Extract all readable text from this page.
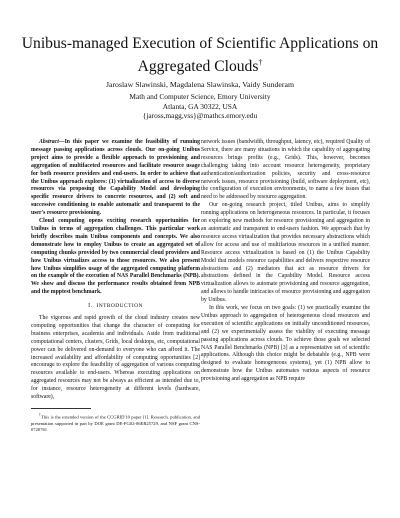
Unibus-managed Execution of Scientific Applications on Aggregated Clouds†
Jaroslaw Slawinski, Magdalena Slawinska, Vaidy Sunderam
Math and Computer Science, Emory University
Atlanta, GA 30322, USA
{jaross,magg,vss}@mathcs.emory.edu

Abstract—In this paper we examine the feasibility of running message passing applications across clouds. Our on-going Unibus project aims to provide a flexible approach to provisioning and aggregation of multifaceted resources and facilitate resource usage for both resource providers and end-users. In order to achieve that the Unibus approach explores: (1) virtualization of access to diverse resources via proposing the Capability Model and developing specific resource drivers to concrete resources, and (2) soft and successive conditioning to enable automatic and transparent to the user's resource provisioning.

Cloud computing opens exciting research opportunities for Unibus in terms of aggregation challenges. This particular work briefly describes main Unibus components and concepts. We also demonstrate how to employ Unibus to create an aggregated set of computing chunks provided by two commercial cloud providers and how Unibus virtualizes access to those resources. We also present how Unibus simplifies usage of the aggregated computing platform on the example of the execution of NAS Parallel Benchmarks (NPB). We show and discuss the performance results obtained from NPB and the mpptest benchmark.

I. INTRODUCTION

The vigorous and rapid growth of the cloud industry creates new computing opportunities that change the character of computing for business enterprises, academia and individuals. Aside from traditional computational centers, clusters, Grids, local desktops, etc, computational power can be delivered on-demand to everyone who can afford it. The increased availability and affordability of computing opportunities [2] encourage to explore the feasibility of aggregation of various computing resources available to end-users. Whereas executing applications on aggregated resources may not be always as efficient as intended due to, for instance, resource heterogeneity at different levels (hardware, software),

†This is the extended version of the CCGRID'10 paper [1]. Research, publication, and presentation supported in part by DOE grant DE-FG02-06ER25729, and NSF grant CNS-0720761

network issues (bandwidth, throughput, latency, etc), required Quality of Service, there are many situations in which the capability of aggregating resources brings profits (e.g., Grids). This, however, becomes challenging taking into account resource heterogeneity, proprietary authentication/authorization policies, security and cross-resource network issues, resource provisioning (build, software deployment, etc), the configuration of execution environments, to name a few issues that need to be addressed by resource aggregation.

Our on-going research project, titled Unibus, aims to simplify running applications on heterogeneous resources. In particular, it focuses on exploring new methods for resource provisioning and aggregation in an automatic and transparent to end-users fashion. We approach that by resource access virtualization that provides necessary abstractions which allow for access and use of multifarious resources in a unified manner. Resource access virtualization is based on (1) the Unibus Capability Model that models resource capabilities and delivers respective resource abstractions and (2) mediators that act as resource drivers for abstractions defined in the Capability Model. Resource access virtualization allows to automate provisioning and resource aggregation, and allows to handle intricacies of resource provisioning and aggregation by Unibus.

In this work, we focus on two goals: (1) we practically examine the Unibus approach to aggregation of heterogeneous cloud resources and execution of scientific applications on initially unconditioned resources, and (2) we experimentally assess the viability of executing message passing applications across clouds. To achieve those goals we selected NAS Parallel Benchmarks (NPB) [3] as a representative set of scientific applications. Although this choice might be debatable (e.g., NPB were designed to evaluate homogeneous systems), yet (1) NPB allow to demonstrate how the Unibus automates various aspects of resource provisioning and aggregation as NPB require
